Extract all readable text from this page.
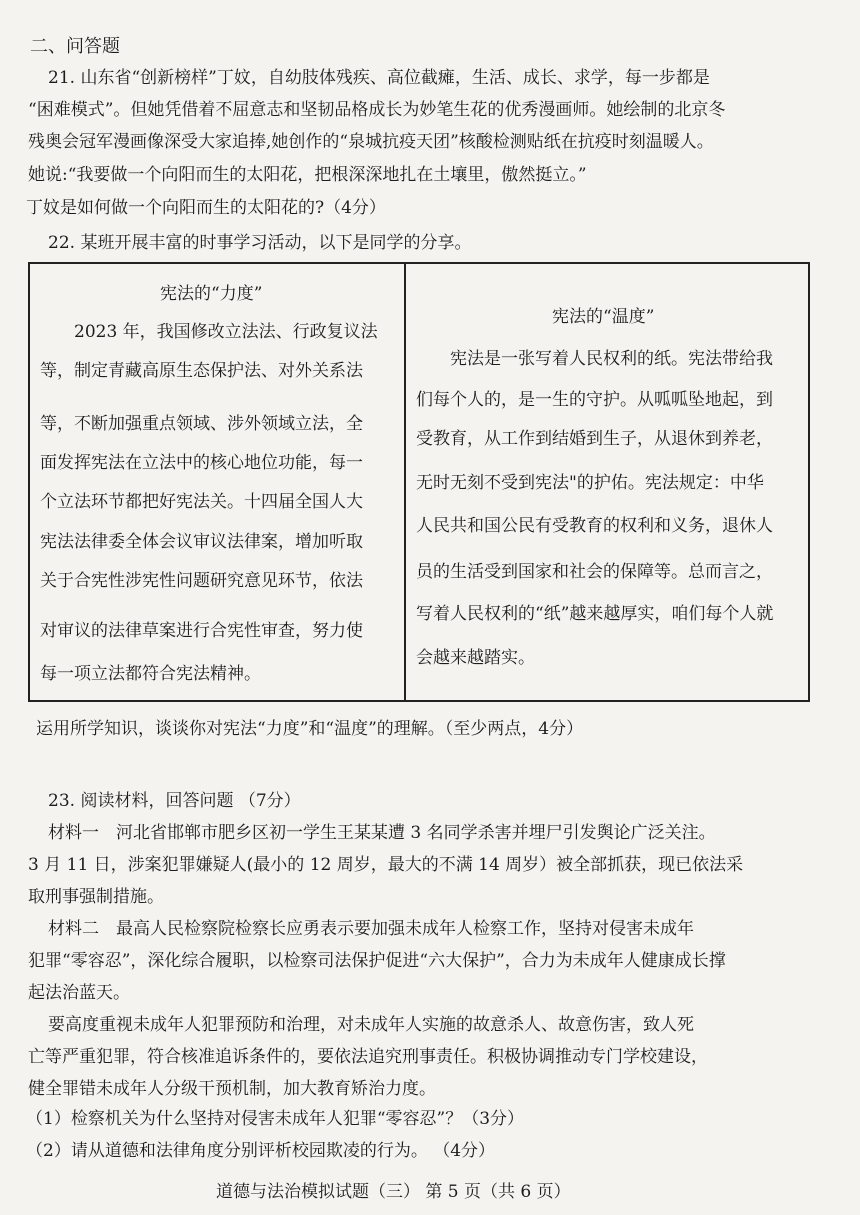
二、问答题
21. 山东省“创新榜样”丁妏，自幼肢体残疾、高位截瘫，生活、成长、求学，每一步都是
“困难模式”。但她凭借着不屈意志和坚韧品格成长为妙笔生花的优秀漫画师。她绘制的北京冬
残奥会冠军漫画像深受大家追捧,她创作的“泉城抗疫天团”核酸检测贴纸在抗疫时刻温暖人。
她说:“我要做一个向阳而生的太阳花，把根深深地扎在土壤里，傲然挺立。”
丁妏是如何做一个向阳而生的太阳花的?（4分）
22. 某班开展丰富的时事学习活动，以下是同学的分享。
宪法的“力度”
2023 年，我国修改立法法、行政复议法
等，制定青藏高原生态保护法、对外关系法
等，不断加强重点领域、涉外领域立法，全
面发挥宪法在立法中的核心地位功能，每一
个立法环节都把好宪法关。十四届全国人大
宪法法律委全体会议审议法律案，增加听取
关于合宪性涉宪性问题研究意见环节，依法
对审议的法律草案进行合宪性审查，努力使
每一项立法都符合宪法精神。
宪法的“温度”
宪法是一张写着人民权利的纸。宪法带给我
们每个人的，是一生的守护。从呱呱坠地起，到
受教育，从工作到结婚到生子，从退休到养老，
无时无刻不受到宪法"的护佑。宪法规定：中华
人民共和国公民有受教育的权利和义务，退休人
员的生活受到国家和社会的保障等。总而言之，
写着人民权利的“纸”越来越厚实，咱们每个人就
会越来越踏实。
运用所学知识，谈谈你对宪法“力度”和“温度”的理解。（至少两点，4分）
23. 阅读材料，回答问题 （7分）
材料一　河北省邯郸市肥乡区初一学生王某某遭 3 名同学杀害并埋尸引发舆论广泛关注。
3 月 11 日，涉案犯罪嫌疑人(最小的 12 周岁，最大的不满 14 周岁）被全部抓获，现已依法采
取刑事强制措施。
材料二　最高人民检察院检察长应勇表示要加强未成年人检察工作，坚持对侵害未成年
犯罪“零容忍”，深化综合履职，以检察司法保护促进“六大保护”，合力为未成年人健康成长撑
起法治蓝天。
要高度重视未成年人犯罪预防和治理，对未成年人实施的故意杀人、故意伤害，致人死
亡等严重犯罪，符合核准追诉条件的，要依法追究刑事责任。积极协调推动专门学校建设，
健全罪错未成年人分级干预机制，加大教育矫治力度。
（1）检察机关为什么坚持对侵害未成年人犯罪“零容忍”？（3分）
（2）请从道德和法律角度分别评析校园欺凌的行为。 （4分）
道德与法治模拟试题（三） 第 5 页（共 6 页）
